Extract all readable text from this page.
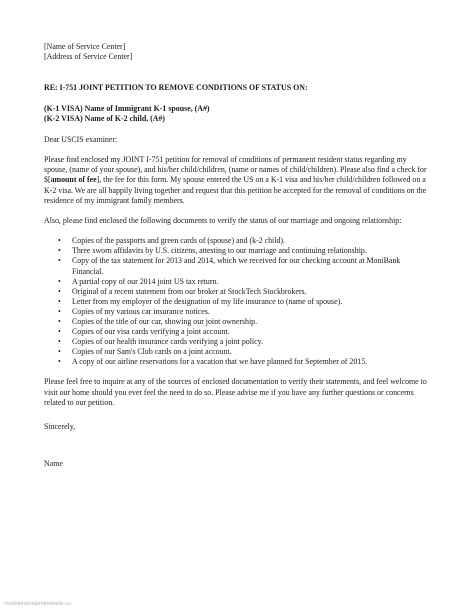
[Name of Service Center]
[Address of Service Center]
RE: I-751 JOINT PETITION TO REMOVE CONDITIONS OF STATUS ON:
(K-1 VISA) Name of Immigrant K-1 spouse, (A#)
(K-2 VISA) Name of K-2 child, (A#)
Dear USCIS examiner:
Please find enclosed my JOINT I-751 petition for removal of conditions of permanent resident status regarding my spouse, (name of your spouse), and his/her child/children, (name or names of child/children). Please also find a check for $[amount of fee], the fee for this form. My spouse entered the US on a K-1 visa and his/her child/children followed on a K-2 visa. We are all happily living together and request that this petition be accepted for the removal of conditions on the residence of my immigrant family members.
Also, please find enclosed the following documents to verify the status of our marriage and ongoing relationship:
• Copies of the passports and green cards of (spouse) and (k-2 child).
• Three sworn affidavits by U.S. citizens, attesting to our marriage and continuing relationship.
• Copy of the tax statement for 2013 and 2014, which we received for our checking account at MoniBank Financial.
• A partial copy of our 2014 joint US tax return.
• Original of a recent statement from our broker at StockTech Stockbrokers.
• Letter from my employer of the designation of my life insurance to (name of spouse).
• Copies of my various car insurance notices.
• Copies of the title of our car, showing our joint ownership.
• Copies of our visa cards verifying a joint account.
• Copies of our health insurance cards verifying a joint policy.
• Copies of our Sam's Club cards on a joint account.
• A copy of our airline reservations for a vacation that we have planned for September of 2015.
Please feel free to inquire at any of the sources of enclosed documentation to verify their statements, and feel welcome to visit our home should you ever feel the need to do so. Please advise me if you have any further questions or concerns related to our petition.
Sincerely,
Name
modeloramajorminimalis.co
